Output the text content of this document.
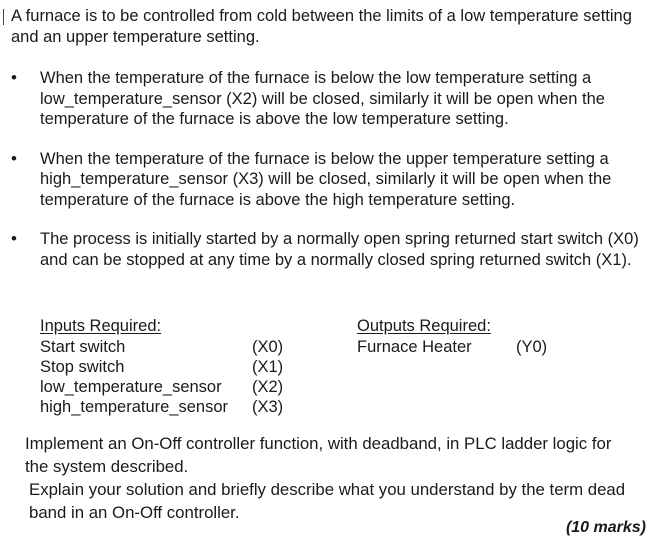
A furnace is to be controlled from cold between the limits of a low temperature setting and an upper temperature setting.
• When the temperature of the furnace is below the low temperature setting a low_temperature_sensor (X2) will be closed, similarly it will be open when the temperature of the furnace is above the low temperature setting.
• When the temperature of the furnace is below the upper temperature setting a high_temperature_sensor (X3) will be closed, similarly it will be open when the temperature of the furnace is above the high temperature setting.
• The process is initially started by a normally open spring returned start switch (X0) and can be stopped at any time by a normally closed spring returned switch (X1).
Inputs Required:
Start switch	(X0)
Stop switch	(X1)
low_temperature_sensor (X2)
high_temperature_sensor (X3)
Outputs Required:
Furnace Heater	(Y0)
Implement an On-Off controller function, with deadband, in PLC ladder logic for the system described.
Explain your solution and briefly describe what you understand by the term dead band in an On-Off controller.
(10 marks)
